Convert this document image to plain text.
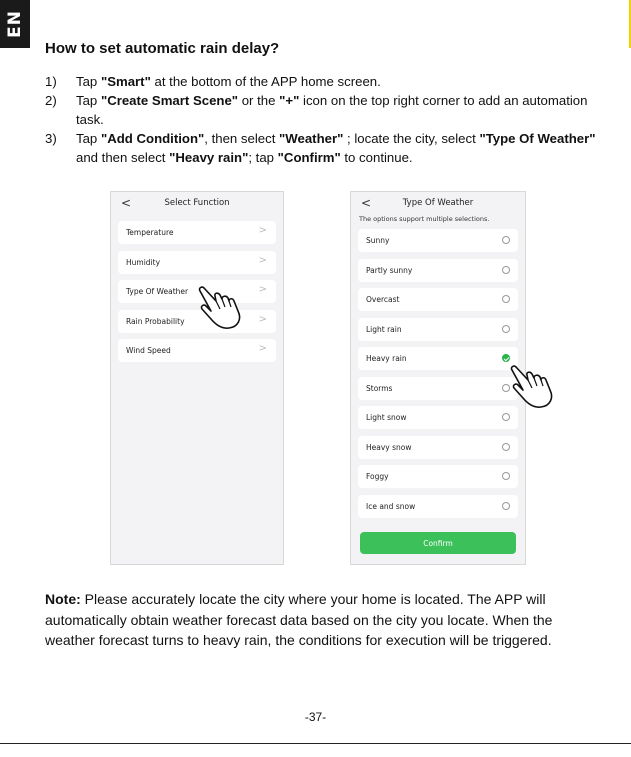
EN
How to set automatic rain delay?
1) Tap "Smart" at the bottom of the APP home screen.
2) Tap "Create Smart Scene" or the "+" icon on the top right corner to add an automation task.
3) Tap "Add Condition", then select "Weather" ; locate the city, select "Type Of Weather" and then select "Heavy rain"; tap "Confirm" to continue.
<	Select Function
Temperature	>
Humidity	>
Type Of Weather	>
Rain Probability	>
Wind Speed	>
<	Type Of Weather
The options support multiple selections.
Sunny
Partly sunny
Overcast
Light rain
Heavy rain
Storms
Light snow
Heavy snow
Foggy
Ice and snow
Confirm

Note: Please accurately locate the city where your home is located. The APP will automatically obtain weather forecast data based on the city you locate. When the weather forecast turns to heavy rain, the conditions for execution will be triggered.

-37-
